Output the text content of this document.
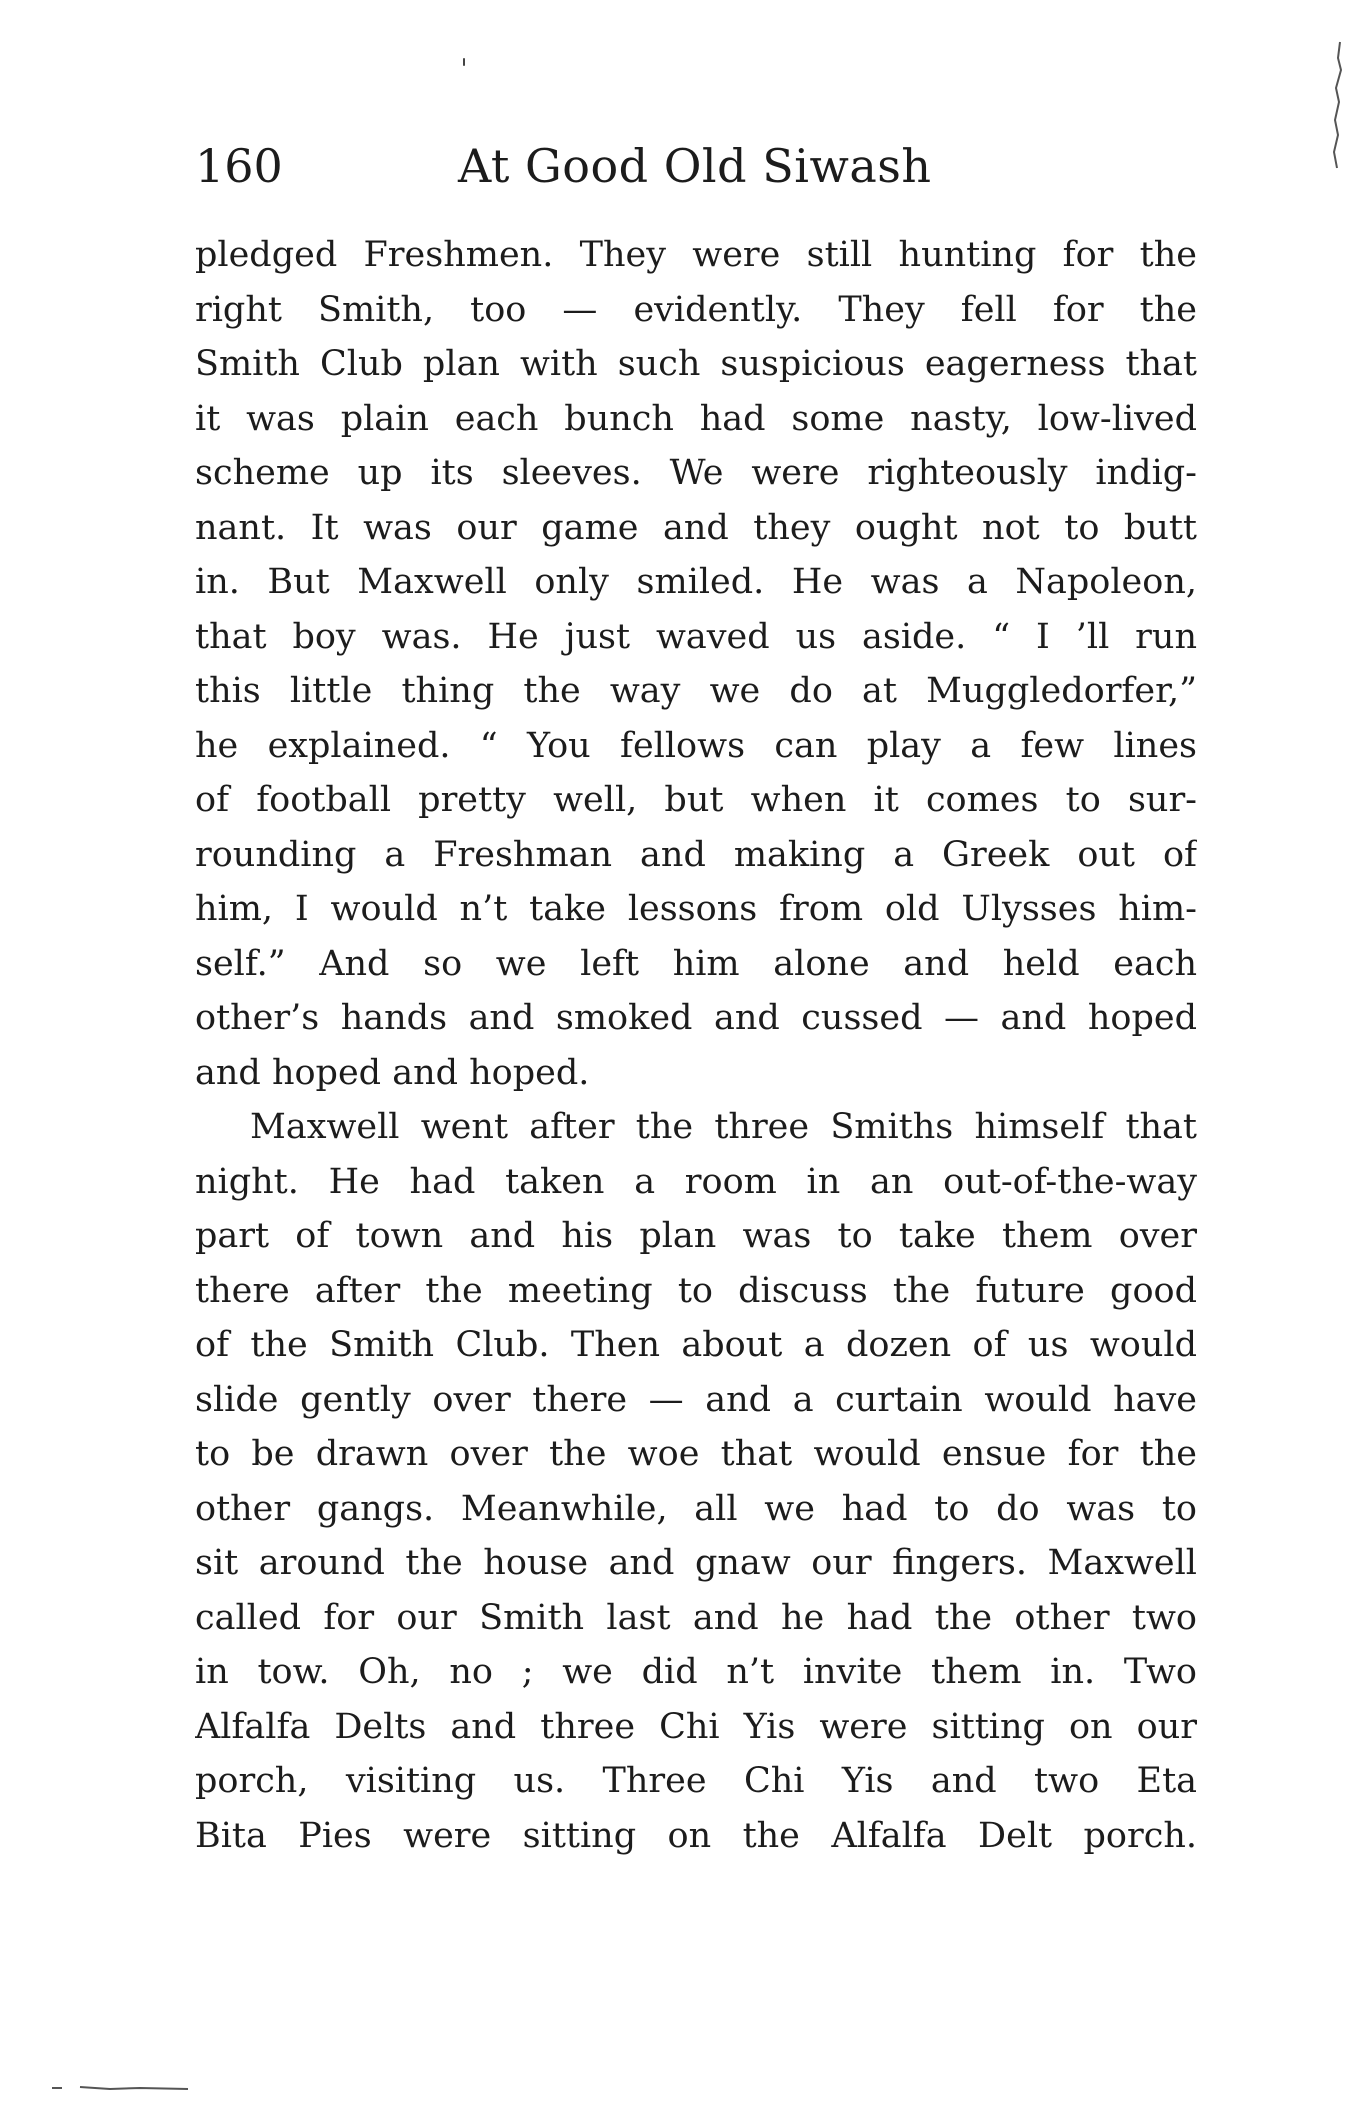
160	At Good Old Siwash
pledged Freshmen. They were still hunting for the
right Smith, too — evidently. They fell for the
Smith Club plan with such suspicious eagerness that
it was plain each bunch had some nasty, low-lived
scheme up its sleeves. We were righteously indig-
nant. It was our game and they ought not to butt
in. But Maxwell only smiled. He was a Napoleon,
that boy was. He just waved us aside. “ I ’ll run
this little thing the way we do at Muggledorfer,”
he explained. “ You fellows can play a few lines
of football pretty well, but when it comes to sur-
rounding a Freshman and making a Greek out of
him, I would n’t take lessons from old Ulysses him-
self.” And so we left him alone and held each
other’s hands and smoked and cussed — and hoped
and hoped and hoped.
Maxwell went after the three Smiths himself that
night. He had taken a room in an out-of-the-way
part of town and his plan was to take them over
there after the meeting to discuss the future good
of the Smith Club. Then about a dozen of us would
slide gently over there — and a curtain would have
to be drawn over the woe that would ensue for the
other gangs. Meanwhile, all we had to do was to
sit around the house and gnaw our fingers. Maxwell
called for our Smith last and he had the other two
in tow. Oh, no ; we did n’t invite them in. Two
Alfalfa Delts and three Chi Yis were sitting on our
porch, visiting us. Three Chi Yis and two Eta
Bita Pies were sitting on the Alfalfa Delt porch.
